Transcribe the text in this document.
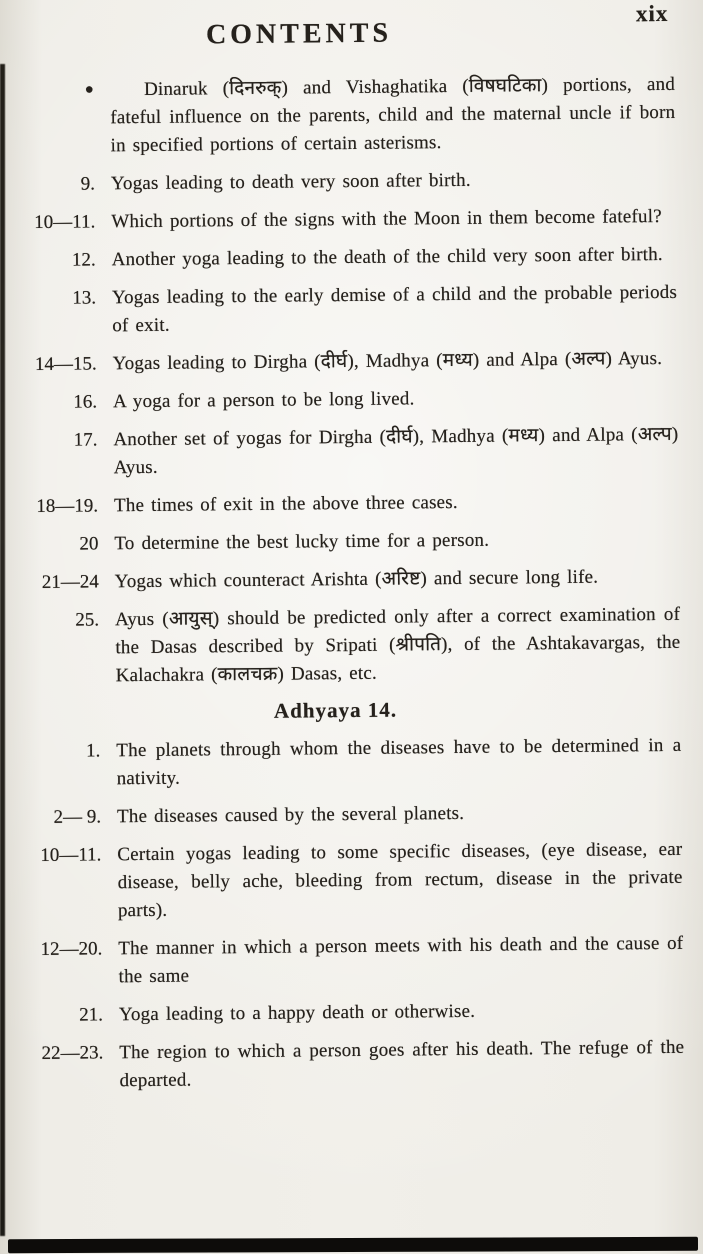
xix
CONTENTS
•	Dinaruk (दिनरुक्) and Vishaghatika (विषघटिका) portions, and fateful influence on the parents, child and the maternal uncle if born in specified portions of certain asterisms.
9. Yogas leading to death very soon after birth.
10—11. Which portions of the signs with the Moon in them become fateful?
12. Another yoga leading to the death of the child very soon after birth.
13. Yogas leading to the early demise of a child and the probable periods of exit.
14—15. Yogas leading to Dirgha (दीर्घ), Madhya (मध्य) and Alpa (अल्प) Ayus.
16. A yoga for a person to be long lived.
17. Another set of yogas for Dirgha (दीर्घ), Madhya (मध्य) and Alpa (अल्प) Ayus.
18—19. The times of exit in the above three cases.
20 To determine the best lucky time for a person.
21—24 Yogas which counteract Arishta (अरिष्ट) and secure long life.
25. Ayus (आयुस्) should be predicted only after a correct examination of the Dasas described by Sripati (श्रीपति), of the Ashtakavargas, the Kalachakra (कालचक्र) Dasas, etc.
Adhyaya 14.
1. The planets through whom the diseases have to be determined in a nativity.
2— 9. The diseases caused by the several planets.
10—11. Certain yogas leading to some specific diseases, (eye disease, ear disease, belly ache, bleeding from rectum, disease in the private parts).
12—20. The manner in which a person meets with his death and the cause of the same
21. Yoga leading to a happy death or otherwise.
22—23. The region to which a person goes after his death. The refuge of the departed.
